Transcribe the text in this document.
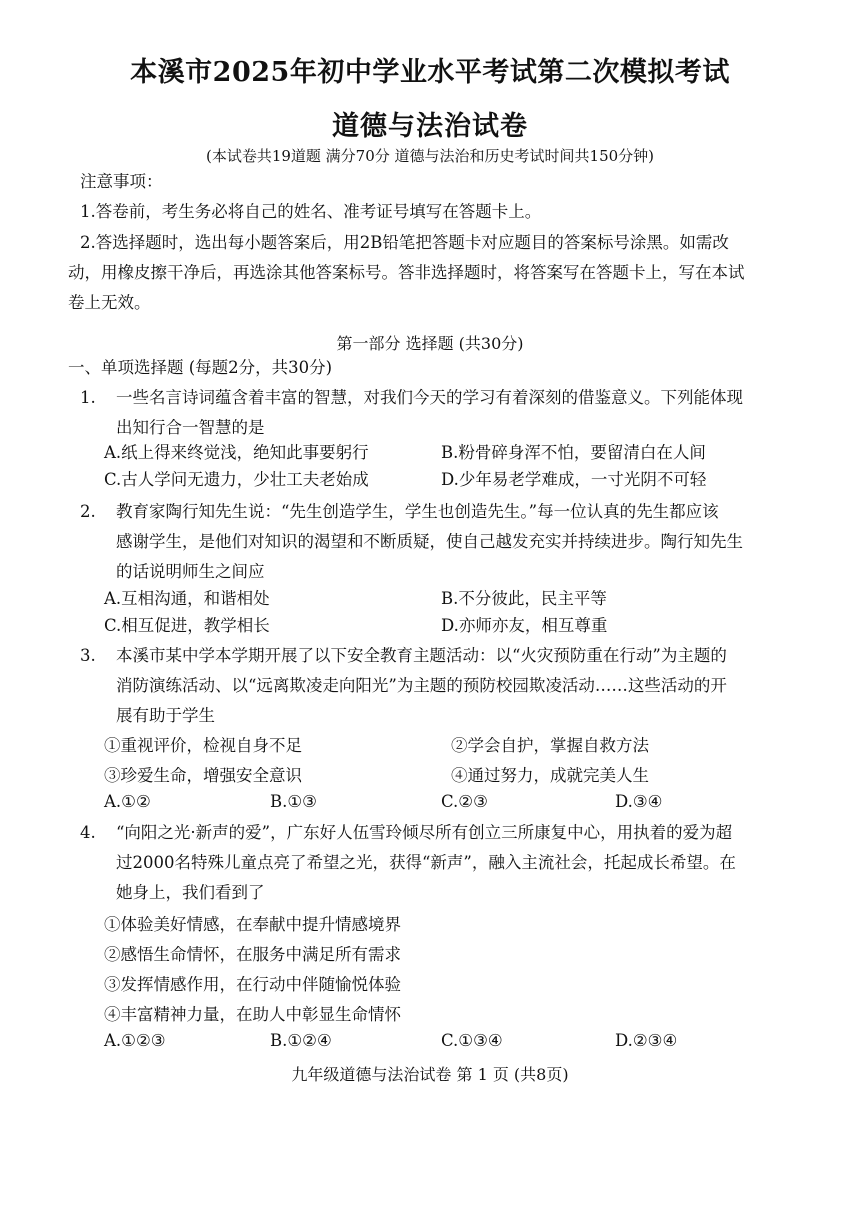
本溪市2025年初中学业水平考试第二次模拟考试
道德与法治试卷
(本试卷共19道题 满分70分 道德与法治和历史考试时间共150分钟)
注意事项：
1.答卷前，考生务必将自己的姓名、准考证号填写在答题卡上。
2.答选择题时，选出每小题答案后，用2B铅笔把答题卡对应题目的答案标号涂黑。如需改
动，用橡皮擦干净后，再选涂其他答案标号。答非选择题时，将答案写在答题卡上，写在本试
卷上无效。
第一部分 选择题 (共30分)
一、单项选择题 (每题2分，共30分)
1. 一些名言诗词蕴含着丰富的智慧，对我们今天的学习有着深刻的借鉴意义。下列能体现
出知行合一智慧的是
A.纸上得来终觉浅，绝知此事要躬行	B.粉骨碎身浑不怕，要留清白在人间
C.古人学问无遗力，少壮工夫老始成	D.少年易老学难成，一寸光阴不可轻
2. 教育家陶行知先生说：“先生创造学生，学生也创造先生。”每一位认真的先生都应该
感谢学生，是他们对知识的渴望和不断质疑，使自己越发充实并持续进步。陶行知先生
的话说明师生之间应
A.互相沟通，和谐相处	B.不分彼此，民主平等
C.相互促进，教学相长	D.亦师亦友，相互尊重
3. 本溪市某中学本学期开展了以下安全教育主题活动：以“火灾预防重在行动”为主题的
消防演练活动、以“远离欺凌走向阳光”为主题的预防校园欺凌活动……这些活动的开
展有助于学生
①重视评价，检视自身不足	②学会自护，掌握自救方法
③珍爱生命，增强安全意识	④通过努力，成就完美人生
A.①②	B.①③	C.②③	D.③④
4. “向阳之光·新声的爱”，广东好人伍雪玲倾尽所有创立三所康复中心，用执着的爱为超
过2000名特殊儿童点亮了希望之光，获得“新声”，融入主流社会，托起成长希望。在
她身上，我们看到了
①体验美好情感，在奉献中提升情感境界
②感悟生命情怀，在服务中满足所有需求
③发挥情感作用，在行动中伴随愉悦体验
④丰富精神力量，在助人中彰显生命情怀
A.①②③	B.①②④	C.①③④	D.②③④
九年级道德与法治试卷 第 1 页 (共8页)
